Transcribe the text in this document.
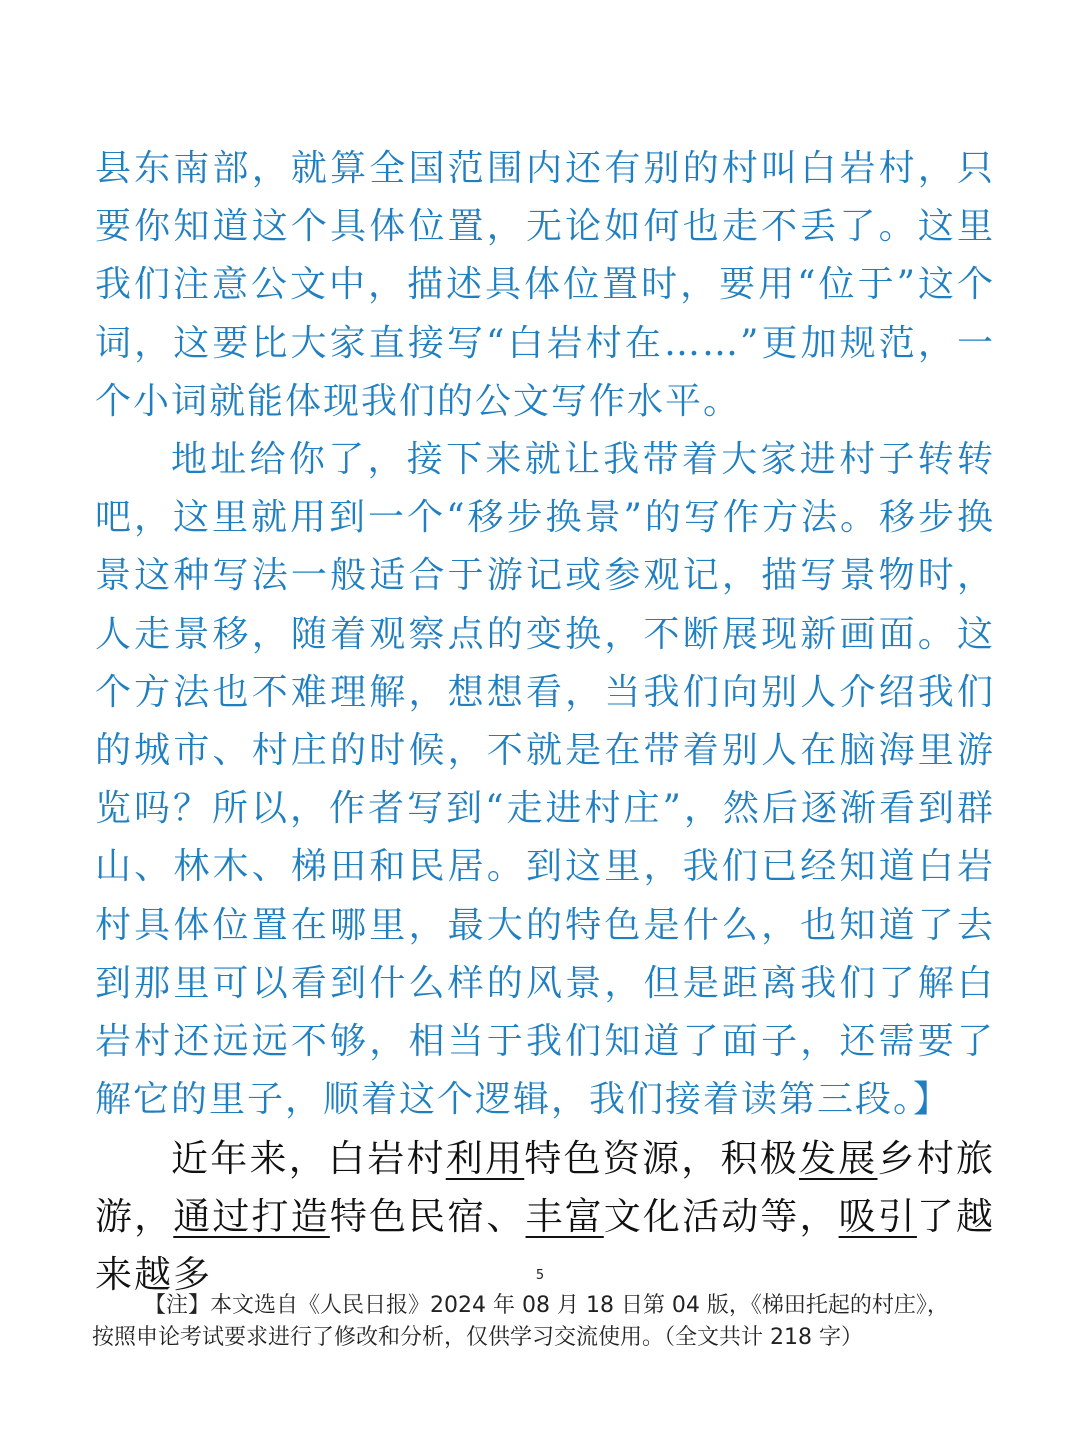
县东南部，就算全国范围内还有别的村叫白岩村，只要你知道这个具体位置，无论如何也走不丢了。这里我们注意公文中，描述具体位置时，要用“位于”这个词，这要比大家直接写“白岩村在……”更加规范，一个小词就能体现我们的公文写作水平。

地址给你了，接下来就让我带着大家进村子转转吧，这里就用到一个“移步换景”的写作方法。移步换景这种写法一般适合于游记或参观记，描写景物时，人走景移，随着观察点的变换，不断展现新画面。这个方法也不难理解，想想看，当我们向别人介绍我们的城市、村庄的时候，不就是在带着别人在脑海里游览吗？所以，作者写到“走进村庄”，然后逐渐看到群山、林木、梯田和民居。到这里，我们已经知道白岩村具体位置在哪里，最大的特色是什么，也知道了去到那里可以看到什么样的风景，但是距离我们了解白岩村还远远不够，相当于我们知道了面子，还需要了解它的里子，顺着这个逻辑，我们接着读第三段。】

近年来，白岩村利用特色资源，积极发展乡村旅游，通过打造特色民宿、丰富文化活动等，吸引了越来越多	5

【注】本文选自《人民日报》2024 年 08 月 18 日第 04 版，《梯田托起的村庄》，

按照申论考试要求进行了修改和分析，仅供学习交流使用。（全文共计 218 字）
